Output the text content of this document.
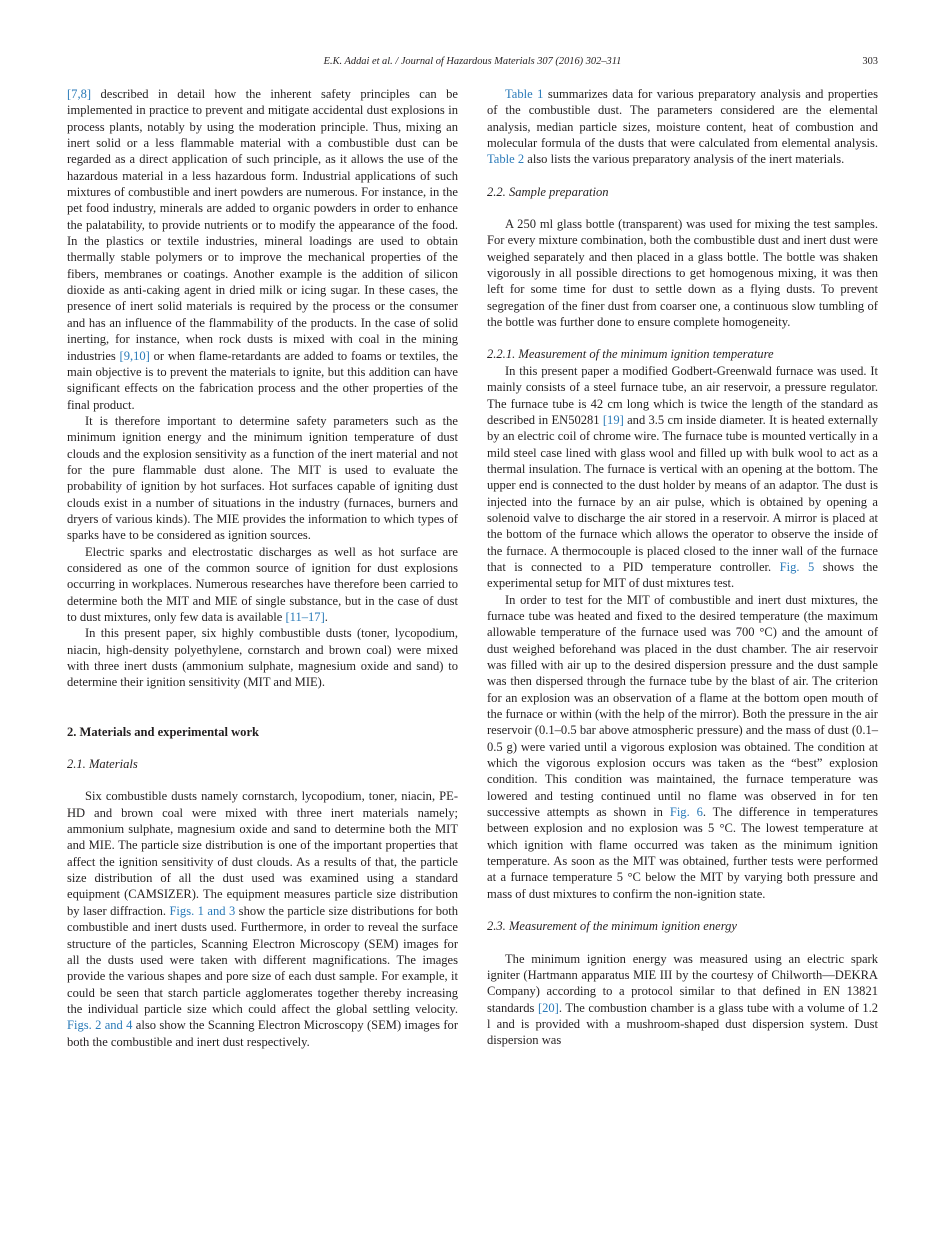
E.K. Addai et al. / Journal of Hazardous Materials 307 (2016) 302–311	303

[7,8] described in detail how the inherent safety principles can be implemented in practice to prevent and mitigate accidental dust explosions in process plants, notably by using the moderation principle. Thus, mixing an inert solid or a less flammable material with a combustible dust can be regarded as a direct application of such principle, as it allows the use of the hazardous material in a less hazardous form. Industrial applications of such mixtures of combustible and inert powders are numerous. For instance, in the pet food industry, minerals are added to organic powders in order to enhance the palatability, to provide nutrients or to modify the appearance of the food. In the plastics or textile industries, mineral loadings are used to obtain thermally stable polymers or to improve the mechanical properties of the fibers, membranes or coatings. Another example is the addition of silicon dioxide as anti-caking agent in dried milk or icing sugar. In these cases, the presence of inert solid materials is required by the process or the consumer and has an influence of the flammability of the products. In the case of solid inerting, for instance, when rock dusts is mixed with coal in the mining industries [9,10] or when flame-retardants are added to foams or textiles, the main objective is to prevent the materials to ignite, but this addition can have significant effects on the fabrication process and the other properties of the final product.

It is therefore important to determine safety parameters such as the minimum ignition energy and the minimum ignition temperature of dust clouds and the explosion sensitivity as a function of the inert material and not for the pure flammable dust alone. The MIT is used to evaluate the probability of ignition by hot surfaces. Hot surfaces capable of igniting dust clouds exist in a number of situations in the industry (furnaces, burners and dryers of various kinds). The MIE provides the information to which types of sparks have to be considered as ignition sources.

Electric sparks and electrostatic discharges as well as hot surface are considered as one of the common source of ignition for dust explosions occurring in workplaces. Numerous researches have therefore been carried to determine both the MIT and MIE of single substance, but in the case of dust to dust mixtures, only few data is available [11–17].

In this present paper, six highly combustible dusts (toner, lycopodium, niacin, high-density polyethylene, cornstarch and brown coal) were mixed with three inert dusts (ammonium sulphate, magnesium oxide and sand) to determine their ignition sensitivity (MIT and MIE).

2. Materials and experimental work
2.1. Materials

Six combustible dusts namely cornstarch, lycopodium, toner, niacin, PE-HD and brown coal were mixed with three inert materials namely; ammonium sulphate, magnesium oxide and sand to determine both the MIT and MIE. The particle size distribution is one of the important properties that affect the ignition sensitivity of dust clouds. As a results of that, the particle size distribution of all the dust used was examined using a standard equipment (CAMSIZER). The equipment measures particle size distribution by laser diffraction. Figs. 1 and 3 show the particle size distributions for both combustible and inert dusts used. Furthermore, in order to reveal the surface structure of the particles, Scanning Electron Microscopy (SEM) images for all the dusts used were taken with different magnifications. The images provide the various shapes and pore size of each dust sample. For example, it could be seen that starch particle agglomerates together thereby increasing the individual particle size which could affect the global settling velocity. Figs. 2 and 4 also show the Scanning Electron Microscopy (SEM) images for both the combustible and inert dust respectively.

Table 1 summarizes data for various preparatory analysis and properties of the combustible dust. The parameters considered are the elemental analysis, median particle sizes, moisture content, heat of combustion and molecular formula of the dusts that were calculated from elemental analysis. Table 2 also lists the various preparatory analysis of the inert materials.

2.2. Sample preparation

A 250 ml glass bottle (transparent) was used for mixing the test samples. For every mixture combination, both the combustible dust and inert dust were weighed separately and then placed in a glass bottle. The bottle was shaken vigorously in all possible directions to get homogenous mixing, it was then left for some time for dust to settle down as a flying dusts. To prevent segregation of the finer dust from coarser one, a continuous slow tumbling of the bottle was further done to ensure complete homogeneity.

2.2.1. Measurement of the minimum ignition temperature

In this present paper a modified Godbert-Greenwald furnace was used. It mainly consists of a steel furnace tube, an air reservoir, a pressure regulator. The furnace tube is 42 cm long which is twice the length of the standard as described in EN50281 [19] and 3.5 cm inside diameter. It is heated externally by an electric coil of chrome wire. The furnace tube is mounted vertically in a mild steel case lined with glass wool and filled up with bulk wool to act as a thermal insulation. The furnace is vertical with an opening at the bottom. The upper end is connected to the dust holder by means of an adaptor. The dust is injected into the furnace by an air pulse, which is obtained by opening a solenoid valve to discharge the air stored in a reservoir. A mirror is placed at the bottom of the furnace which allows the operator to observe the inside of the furnace. A thermocouple is placed closed to the inner wall of the furnace that is connected to a PID temperature controller. Fig. 5 shows the experimental setup for MIT of dust mixtures test.

In order to test for the MIT of combustible and inert dust mixtures, the furnace tube was heated and fixed to the desired temperature (the maximum allowable temperature of the furnace used was 700 °C) and the amount of dust weighed beforehand was placed in the dust chamber. The air reservoir was filled with air up to the desired dispersion pressure and the dust sample was then dispersed through the furnace tube by the blast of air. The criterion for an explosion was an observation of a flame at the bottom open mouth of the furnace or within (with the help of the mirror). Both the pressure in the air reservoir (0.1–0.5 bar above atmospheric pressure) and the mass of dust (0.1–0.5 g) were varied until a vigorous explosion was obtained. The condition at which the vigorous explosion occurs was taken as the “best” explosion condition. This condition was maintained, the furnace temperature was lowered and testing continued until no flame was observed in for ten successive attempts as shown in Fig. 6. The difference in temperatures between explosion and no explosion was 5 °C. The lowest temperature at which ignition with flame occurred was taken as the minimum ignition temperature. As soon as the MIT was obtained, further tests were performed at a furnace temperature 5 °C below the MIT by varying both pressure and mass of dust mixtures to confirm the non-ignition state.

2.3. Measurement of the minimum ignition energy

The minimum ignition energy was measured using an electric spark igniter (Hartmann apparatus MIE III by the courtesy of Chilworth—DEKRA Company) according to a protocol similar to that defined in EN 13821 standards [20]. The combustion chamber is a glass tube with a volume of 1.2 l and is provided with a mushroom-shaped dust dispersion system. Dust dispersion was
